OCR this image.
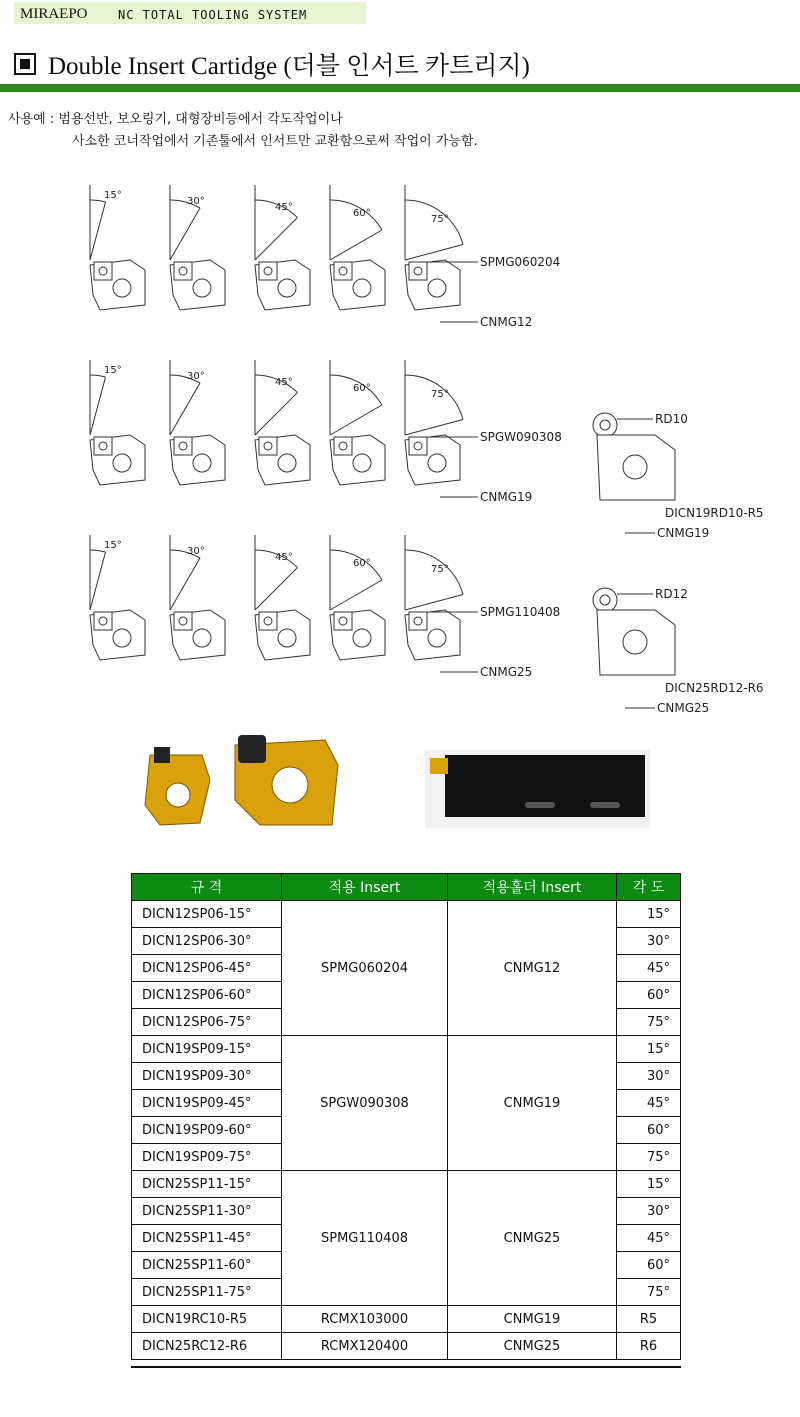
MIRAEPO	NC TOTAL TOOLING SYSTEM
Double Insert Cartidge (더블 인서트 카트리지)
사용예 : 범용선반, 보오링기, 대형장비등에서 각도작업이나
사소한 코너작업에서 기존툴에서 인서트만 교환함으로써 작업이 가능함.
15°
30°
45°
60°
75°
SPMG060204
CNMG12
15°
30°
45°
60°
75°
SPGW090308
CNMG19
RD10
DICN19RD10-R5
CNMG19
15°
30°
45°
60°
75°
SPMG110408
CNMG25
RD12
DICN25RD12-R6
CNMG25
규 격	적용 Insert	적용홀더 Insert	각 도
DICN12SP06-15°	SPMG060204	CNMG12	15°
DICN12SP06-30°			30°
DICN12SP06-45°			45°
DICN12SP06-60°			60°
DICN12SP06-75°			75°
DICN19SP09-15°	SPGW090308	CNMG19	15°
DICN19SP09-30°			30°
DICN19SP09-45°			45°
DICN19SP09-60°			60°
DICN19SP09-75°			75°
DICN25SP11-15°	SPMG110408	CNMG25	15°
DICN25SP11-30°			30°
DICN25SP11-45°			45°
DICN25SP11-60°			60°
DICN25SP11-75°			75°
DICN19RC10-R5	RCMX103000	CNMG19	R5
DICN25RC12-R6	RCMX120400	CNMG25	R6
